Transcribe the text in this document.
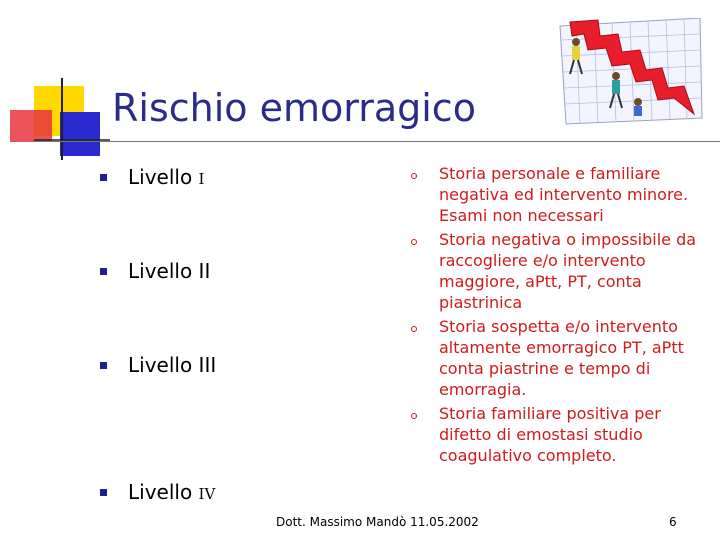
Rischio emorragico
Livello I
Livello II
Livello III
Livello IV
Storia personale e familiare negativa ed intervento minore. Esami non necessari
Storia negativa o impossibile da raccogliere e/o intervento maggiore, aPtt, PT, conta piastrinica
Storia sospetta e/o intervento altamente emorragico PT, aPtt conta piastrine e tempo di emorragia.
Storia familiare positiva per difetto di emostasi studio coagulativo completo.
Dott. Massimo Mandò 11.05.2002	6
